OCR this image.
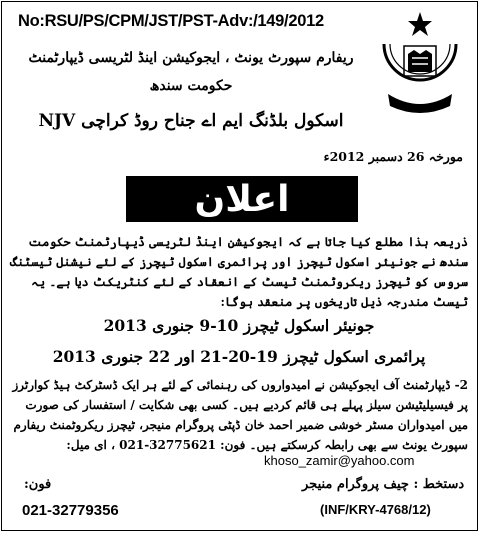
No:RSU/PS/CPM/JST/PST-Adv:/149/2012
حکومت سندھ
ریفارم سپورٹ یونٹ ، ایجوکیشن اینڈ لٹریسی ڈیپارٹمنٹ
حکومت سندھ
NJV اسکول بلڈنگ ایم اے جناح روڈ کراچی
مورخہ 26 دسمبر 2012ء
اعلان
ذریعہ ہذا مطلع کیا جاتا ہے کہ ایجوکیشن اینڈ لٹریسی ڈیپارٹمنٹ حکومت سندھ نے جونیئر اسکول ٹیچرز اور پرائمری اسکول ٹیچرز کے لئے نیشنل ٹیسٹنگ سروس کو ٹیچرز ریکروٹمنٹ ٹیسٹ کے انعقاد کے لئے کنٹریکٹ دیا ہے۔ یہ ٹیسٹ مندرجہ ذیل تاریخوں پر منعقد ہوگا:
جونیئر اسکول ٹیچرز 10-9 جنوری 2013
پرائمری اسکول ٹیچرز 19-20-21 اور 22 جنوری 2013
2- ڈیپارٹمنٹ آف ایجوکیشن نے امیدواروں کی رہنمائی کے لئے ہر ایک ڈسٹرکٹ ہیڈ کوارٹرز پر فیسیلیٹیشن سیلز پہلے ہی قائم کردیے ہیں۔ کسی بھی شکایت / استفسار کی صورت میں امیدواران مسٹر خوشی ضمیر احمد خان ڈپٹی پروگرام منیجر، ٹیچرز ریکروٹمنٹ ریفارم سپورٹ یونٹ سے بھی رابطہ کرسکتے ہیں۔ فون: 32775621-021 ، ای میل:
khoso_zamir@yahoo.com
دستخط : چیف پروگرام منیجر
فون:
021-32779356	(INF/KRY-4768/12)
